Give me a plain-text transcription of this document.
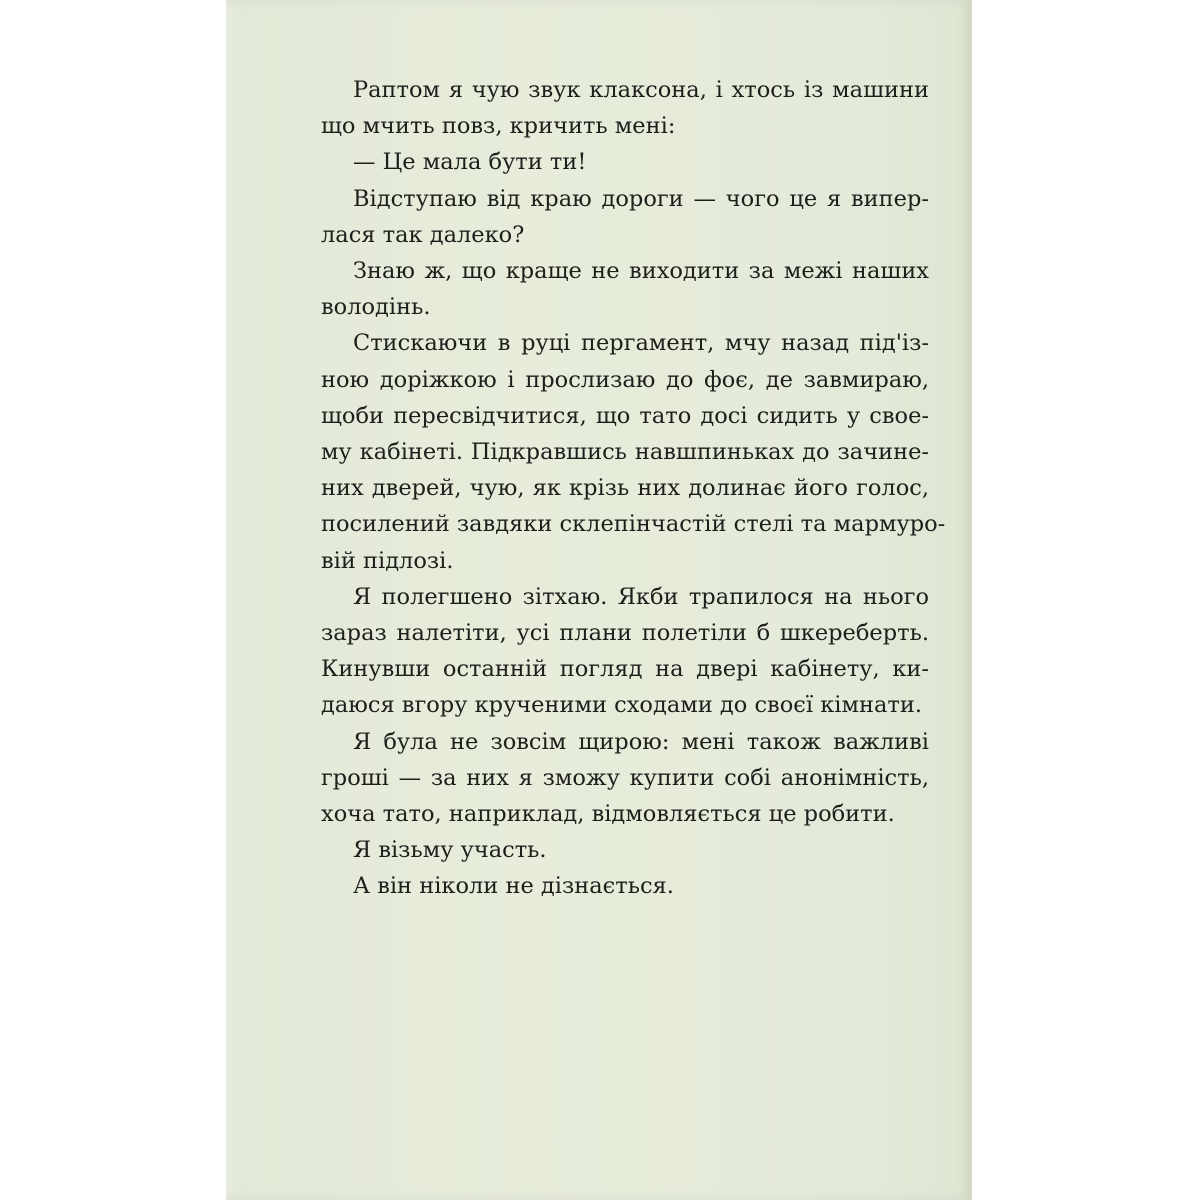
Раптом я чую звук клаксона, і хтось із машини
що мчить повз, кричить мені:

— Це мала бути ти!

Відступаю від краю дороги — чого це я випер-
лася так далеко?

Знаю ж, що краще не виходити за межі наших
володінь.

Стискаючи в руці пергамент, мчу назад під'із-
ною доріжкою і прослизаю до фоє, де завмираю,
щоби пересвідчитися, що тато досі сидить у свое-
му кабінеті. Підкравшись навшпиньках до зачине-
них дверей, чую, як крізь них долинає його голос,
посилений завдяки склепінчастій стелі та мармуро-
вій підлозі.

Я полегшено зітхаю. Якби трапилося на нього
зараз налетіти, усі плани полетіли б шкереберть.
Кинувши останній погляд на двері кабінету, ки-
даюся вгору крученими сходами до своєї кімнати.

Я була не зовсім щирою: мені також важливі
гроші — за них я зможу купити собі анонімність,
хоча тато, наприклад, відмовляється це робити.

Я візьму участь.

А він ніколи не дізнається.
